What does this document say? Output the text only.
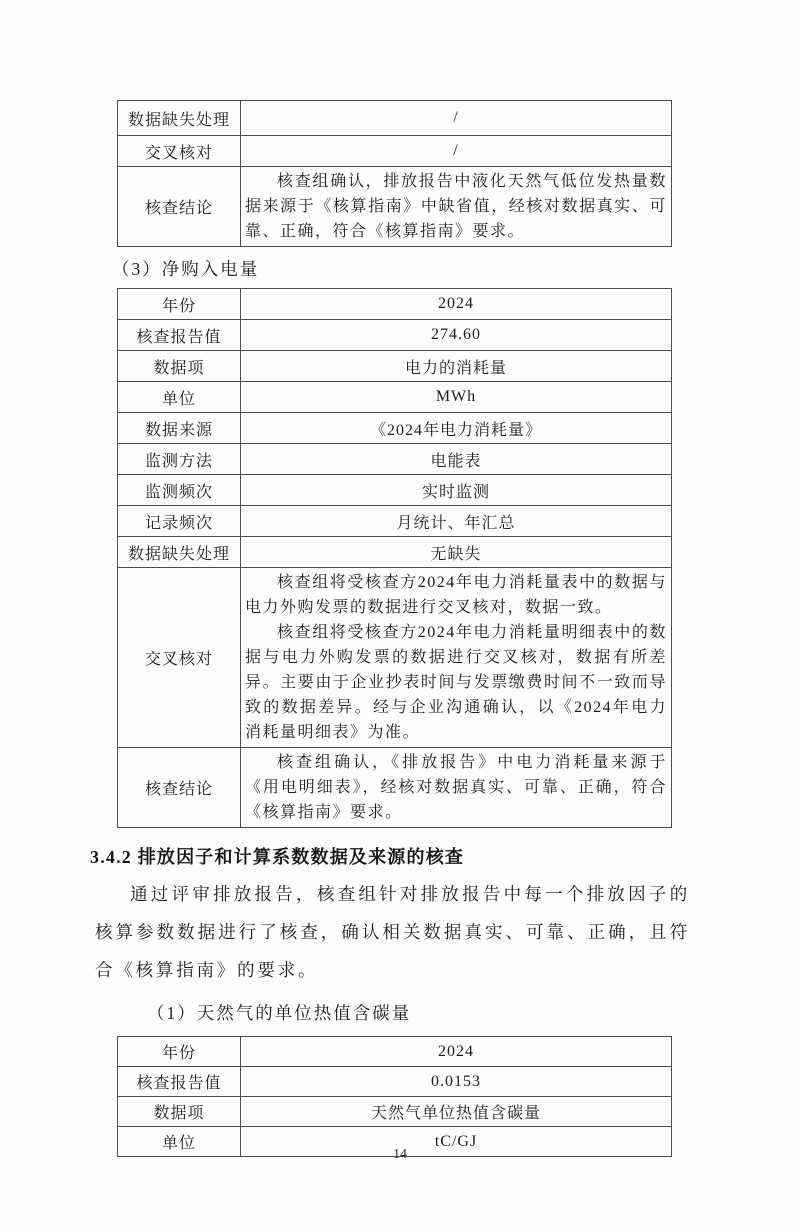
数据缺失处理	/
交叉核对	/
核查结论	核查组确认，排放报告中液化天然气低位发热量数据来源于《核算指南》中缺省值，经核对数据真实、可靠、正确，符合《核算指南》要求。

（3）净购入电量
年份	2024
核查报告值	274.60
数据项	电力的消耗量
单位	MWh
数据来源	《2024年电力消耗量》
监测方法	电能表
监测频次	实时监测
记录频次	月统计、年汇总
数据缺失处理	无缺失
交叉核对	核查组将受核查方2024年电力消耗量表中的数据与电力外购发票的数据进行交叉核对，数据一致。

核查组将受核查方2024年电力消耗量明细表中的数据与电力外购发票的数据进行交叉核对，数据有所差异。主要由于企业抄表时间与发票缴费时间不一致而导致的数据差异。经与企业沟通确认，以《2024年电力消耗量明细表》为准。

核查结论	核查组确认，《排放报告》中电力消耗量来源于《用电明细表》，经核对数据真实、可靠、正确，符合《核算指南》要求。

3.4.2 排放因子和计算系数数据及来源的核查
通过评审排放报告，核查组针对排放报告中每一个排放因子的核算参数数据进行了核查，确认相关数据真实、可靠、正确，且符合《核算指南》的要求。
（1）天然气的单位热值含碳量
年份	2024
核查报告值	0.0153
数据项	天然气单位热值含碳量
单位	tC/GJ
14
